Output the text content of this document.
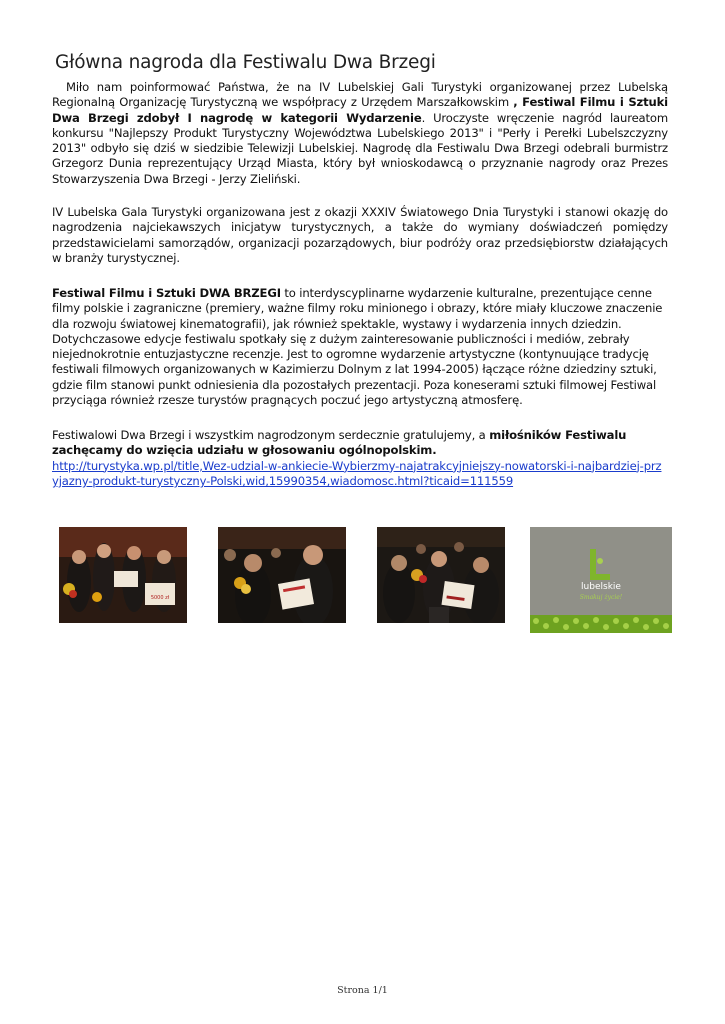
Główna nagroda dla Festiwalu Dwa Brzegi

Miło nam poinformować Państwa, że na IV Lubelskiej Gali Turystyki organizowanej przez Lubelską Regionalną Organizację Turystyczną we współpracy z Urzędem Marszałkowskim , Festiwal Filmu i Sztuki Dwa Brzegi zdobył I nagrodę w kategorii Wydarzenie. Uroczyste wręczenie nagród laureatom konkursu "Najlepszy Produkt Turystyczny Województwa Lubelskiego 2013" i "Perły i Perełki Lubelszczyzny 2013" odbyło się dziś w siedzibie Telewizji Lubelskiej. Nagrodę dla Festiwalu Dwa Brzegi odebrali burmistrz Grzegorz Dunia reprezentujący Urząd Miasta, który był wnioskodawcą o przyznanie nagrody oraz Prezes Stowarzyszenia Dwa Brzegi - Jerzy Zieliński.

IV Lubelska Gala Turystyki organizowana jest z okazji XXXIV Światowego Dnia Turystyki i stanowi okazję do nagrodzenia najciekawszych inicjatyw turystycznych, a także do wymiany doświadczeń pomiędzy przedstawicielami samorządów, organizacji pozarządowych, biur podróży oraz przedsiębiorstw działających w branży turystycznej.

Festiwal Filmu i Sztuki DWA BRZEGI to interdyscyplinarne wydarzenie kulturalne, prezentujące cenne filmy polskie i zagraniczne (premiery, ważne filmy roku minionego i obrazy, które miały kluczowe znaczenie dla rozwoju światowej kinematografii), jak również spektakle, wystawy i wydarzenia innych dziedzin. Dotychczasowe edycje festiwalu spotkały się z dużym zainteresowanie publiczności i mediów, zebrały niejednokrotnie entuzjastyczne recenzje. Jest to ogromne wydarzenie artystyczne (kontynuujące tradycję festiwali filmowych organizowanych w Kazimierzu Dolnym z lat 1994-2005) łączące różne dziedziny sztuki, gdzie film stanowi punkt odniesienia dla pozostałych prezentacji. Poza koneserami sztuki filmowej Festiwal przyciąga również rzesze turystów pragnących poczuć jego artystyczną atmosferę.

Festiwalowi Dwa Brzegi i wszystkim nagrodzonym serdecznie gratulujemy, a miłośników Festiwalu zachęcamy do wzięcia udziału w głosowaniu ogólnopolskim.
http://turystyka.wp.pl/title,Wez-udzial-w-ankiecie-Wybierzmy-najatrakcyjniejszy-nowatorski-i-najbardziej-przyjazny-produkt-turystyczny-Polski,wid,15990354,wiadomosc.html?ticaid=111559

5000 zł
lubelskie
Smakuj życie!
Strona 1/1
